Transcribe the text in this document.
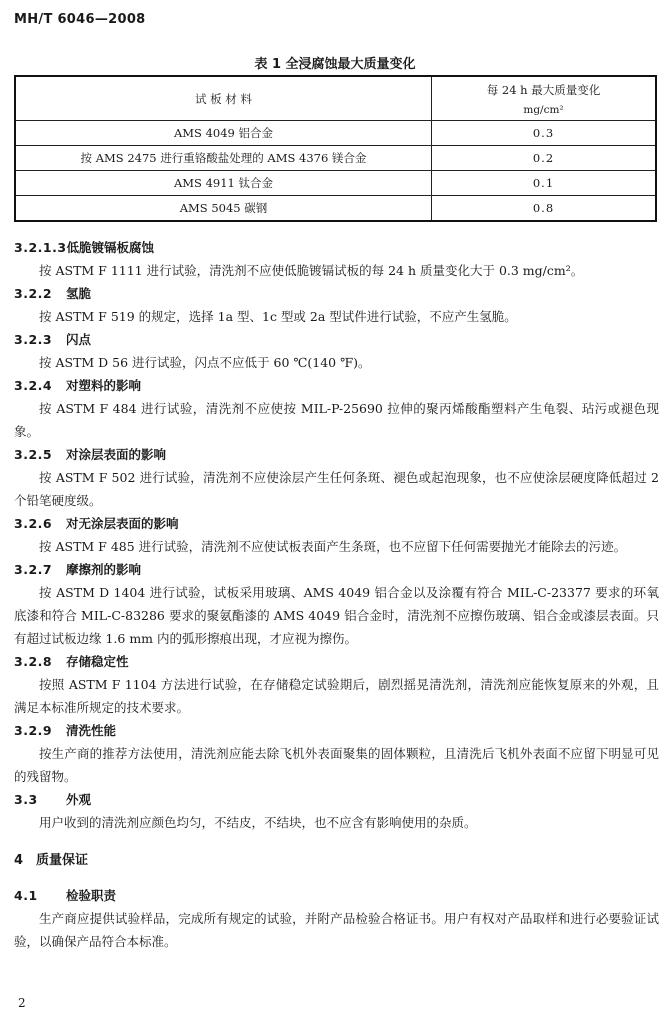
MH/T 6046—2008
表 1 全浸腐蚀最大质量变化
试 板 材 料	每 24 h 最大质量变化
mg/cm²

AMS 4049 铝合金	0.3
按 AMS 2475 进行重铬酸盐处理的 AMS 4376 镁合金	0.2
AMS 4911 钛合金	0.1
AMS 5045 碳钢	0.8
3.2.1.3低脆镀镉板腐蚀

按 ASTM F 1111 进行试验，清洗剂不应使低脆镀镉试板的每 24 h 质量变化大于 0.3 mg/cm²。

3.2.2 氢脆

按 ASTM F 519 的规定，选择 1a 型、1c 型或 2a 型试件进行试验，不应产生氢脆。

3.2.3 闪点

按 ASTM D 56 进行试验，闪点不应低于 60 ℃(140 ℉)。

3.2.4 对塑料的影响

按 ASTM F 484 进行试验，清洗剂不应使按 MIL-P-25690 拉伸的聚丙烯酸酯塑料产生龟裂、玷污或褪色现象。

3.2.5 对涂层表面的影响

按 ASTM F 502 进行试验，清洗剂不应使涂层产生任何条斑、褪色或起泡现象，也不应使涂层硬度降低超过 2 个铅笔硬度级。

3.2.6 对无涂层表面的影响

按 ASTM F 485 进行试验，清洗剂不应使试板表面产生条斑，也不应留下任何需要抛光才能除去的污迹。

3.2.7 摩擦剂的影响

按 ASTM D 1404 进行试验，试板采用玻璃、AMS 4049 铝合金以及涂覆有符合 MIL-C-23377 要求的环氧底漆和符合 MIL-C-83286 要求的聚氨酯漆的 AMS 4049 铝合金时，清洗剂不应擦伤玻璃、铝合金或漆层表面。只有超过试板边缘 1.6 mm 内的弧形擦痕出现，才应视为擦伤。

3.2.8 存储稳定性

按照 ASTM F 1104 方法进行试验，在存储稳定试验期后，剧烈摇晃清洗剂，清洗剂应能恢复原来的外观，且满足本标准所规定的技术要求。

3.2.9 清洗性能

按生产商的推荐方法使用，清洗剂应能去除飞机外表面聚集的固体颗粒，且清洗后飞机外表面不应留下明显可见的残留物。

3.3 外观

用户收到的清洗剂应颜色均匀，不结皮，不结块，也不应含有影响使用的杂质。

4 质量保证
4.1 检验职责

生产商应提供试验样品，完成所有规定的试验，并附产品检验合格证书。用户有权对产品取样和进行必要验证试验，以确保产品符合本标准。

2
